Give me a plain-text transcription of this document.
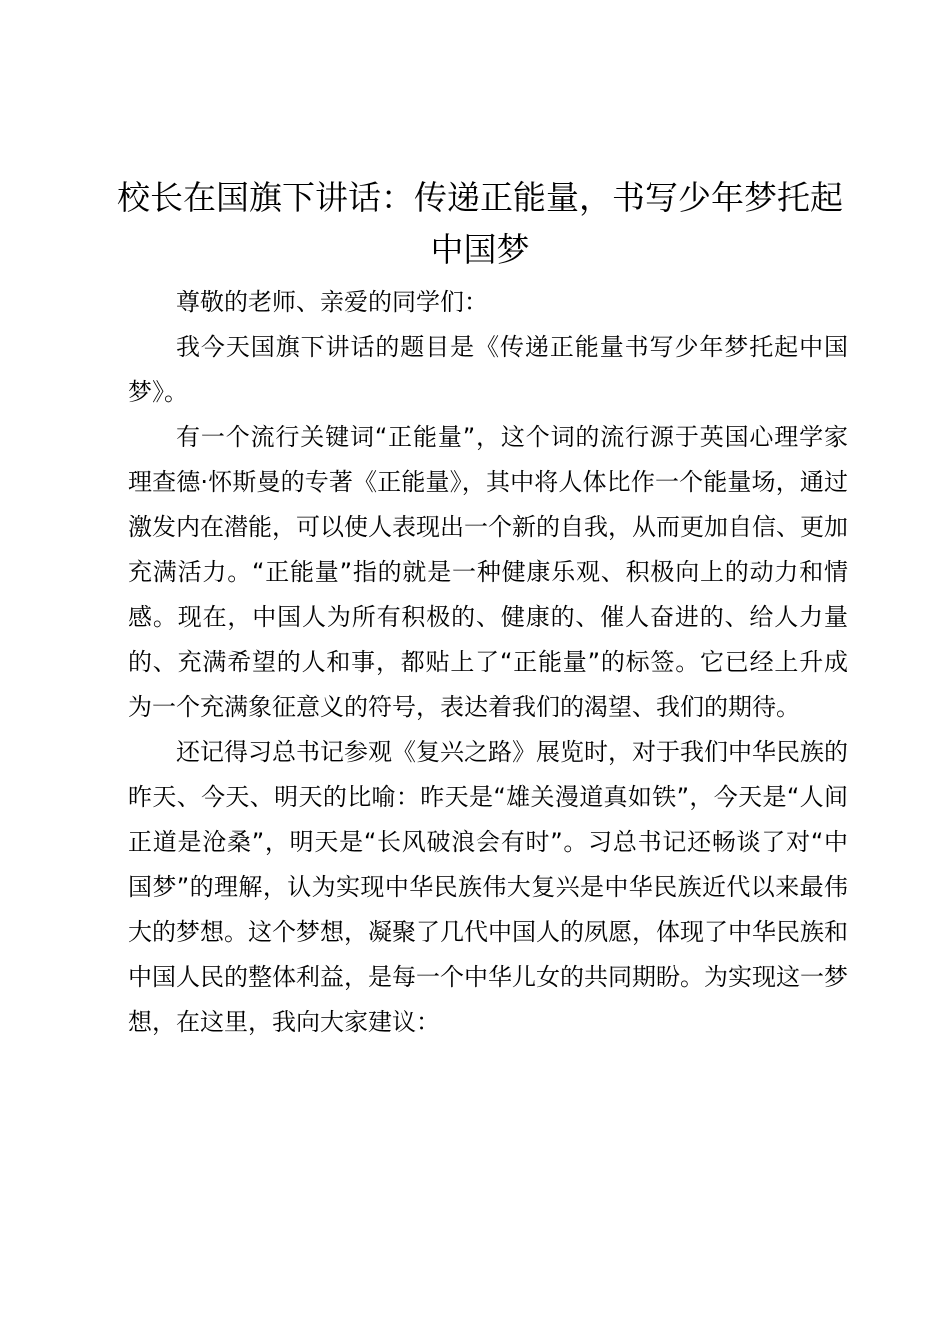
校长在国旗下讲话：传递正能量，书写少年梦托起中国梦

尊敬的老师、亲爱的同学们：

我今天国旗下讲话的题目是《传递正能量书写少年梦托起中国梦》。

有一个流行关键词“正能量”，这个词的流行源于英国心理学家理查德·怀斯曼的专著《正能量》，其中将人体比作一个能量场，通过激发内在潜能，可以使人表现出一个新的自我，从而更加自信、更加充满活力。“正能量”指的就是一种健康乐观、积极向上的动力和情感。现在，中国人为所有积极的、健康的、催人奋进的、给人力量的、充满希望的人和事，都贴上了“正能量”的标签。它已经上升成为一个充满象征意义的符号，表达着我们的渴望、我们的期待。

还记得习总书记参观《复兴之路》展览时，对于我们中华民族的昨天、今天、明天的比喻：昨天是“雄关漫道真如铁”，今天是“人间正道是沧桑”，明天是“长风破浪会有时”。习总书记还畅谈了对“中国梦”的理解，认为实现中华民族伟大复兴是中华民族近代以来最伟大的梦想。这个梦想，凝聚了几代中国人的夙愿，体现了中华民族和中国人民的整体利益，是每一个中华儿女的共同期盼。为实现这一梦想，在这里，我向大家建议：
